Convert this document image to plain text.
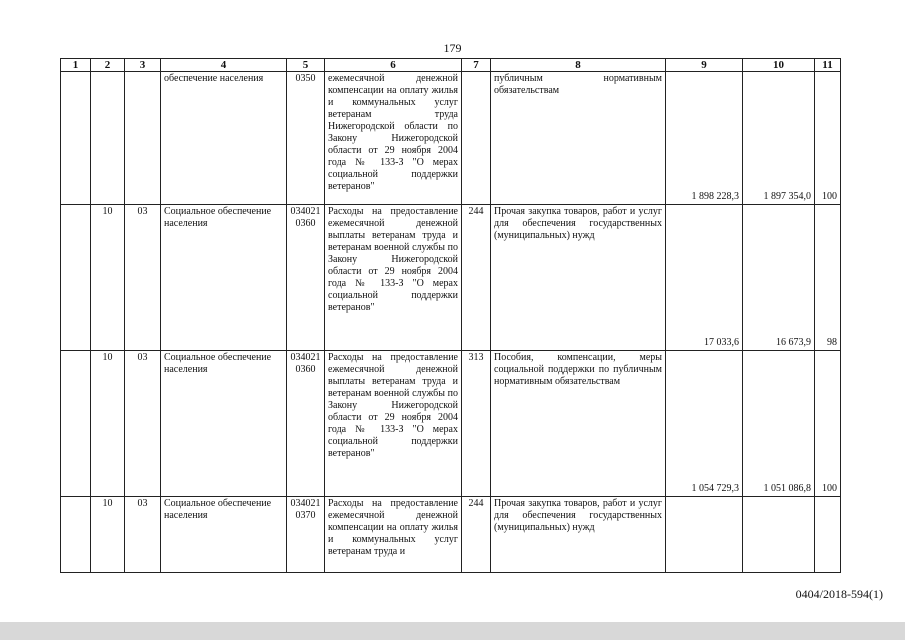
179
1	2	3	4	5	6	7	8	9	10	11
			обеспечение населения	0350	ежемесячной денежной компенсации на оплату жилья и коммунальных услуг ветеранам труда Нижегородской области по Закону Нижегородской области от 29 ноября 2004 года № 133-З "О мерах социальной поддержки ветеранов"		публичным нормативным обязательствам	1 898 228,3	1 897 354,0	100
	10	03	Социальное обеспечение населения	034021 0360	Расходы на предоставление ежемесячной денежной выплаты ветеранам труда и ветеранам военной службы по Закону Нижегородской области от 29 ноября 2004 года № 133-З "О мерах социальной поддержки ветеранов"	244	Прочая закупка товаров, работ и услуг для обеспечения государственных (муниципальных) нужд	17 033,6	16 673,9	98
	10	03	Социальное обеспечение населения	034021 0360	Расходы на предоставление ежемесячной денежной выплаты ветеранам труда и ветеранам военной службы по Закону Нижегородской области от 29 ноября 2004 года № 133-З "О мерах социальной поддержки ветеранов"	313	Пособия, компенсации, меры социальной поддержки по публичным нормативным обязательствам	1 054 729,3	1 051 086,8	100
	10	03	Социальное обеспечение населения	034021 0370	Расходы на предоставление ежемесячной денежной компенсации на оплату жилья и коммунальных услуг ветеранам труда и	244	Прочая закупка товаров, работ и услуг для обеспечения государственных (муниципальных) нужд			
0404/2018-594(1)
